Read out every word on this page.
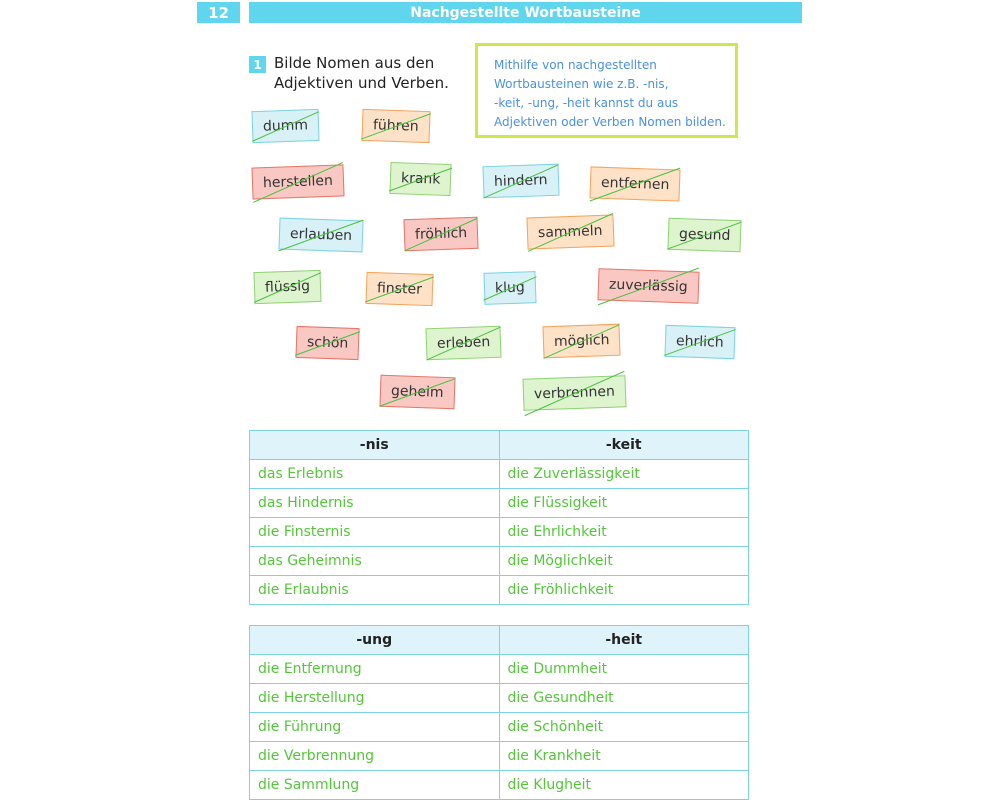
12	Nachgestellte Wortbausteine
1 Bilde Nomen aus den
Adjektiven und Verben.
Mithilfe von nachgestellten
Wortbausteinen wie z.B. -nis,
-keit, -ung, -heit kannst du aus
Adjektiven oder Verben Nomen bilden.
dumm	führen
herstellen	krank	hindern	entfernen
erlauben	fröhlich	sammeln	gesund
flüssig	finster	klug	zuverlässig
schön	erleben	möglich	ehrlich
geheim	verbrennen
-nis	-keit
das Erlebnis	die Zuverlässigkeit
das Hindernis	die Flüssigkeit
die Finsternis	die Ehrlichkeit
das Geheimnis	die Möglichkeit
die Erlaubnis	die Fröhlichkeit
-ung	-heit
die Entfernung	die Dummheit
die Herstellung	die Gesundheit
die Führung	die Schönheit
die Verbrennung	die Krankheit
die Sammlung	die Klugheit
